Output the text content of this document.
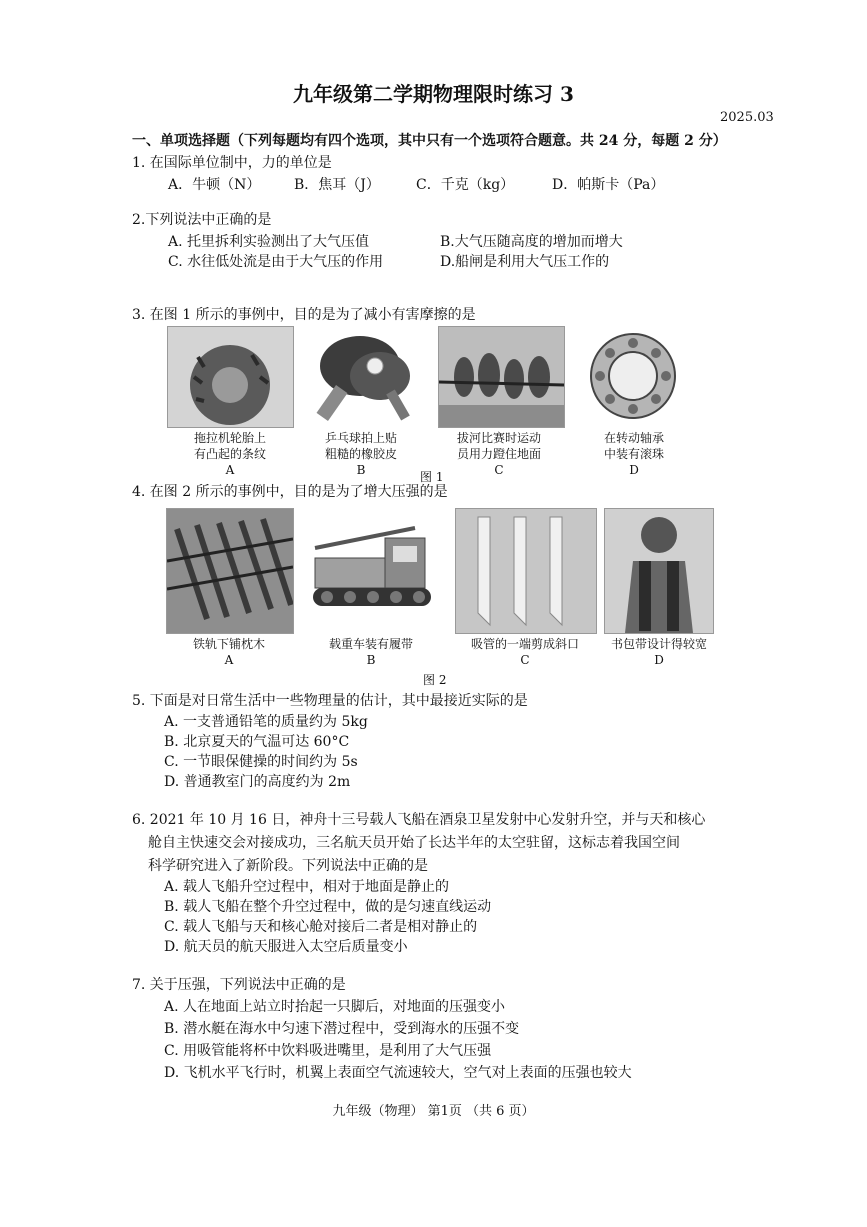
九年级第二学期物理限时练习 3
2025.03
一、单项选择题（下列每题均有四个选项，其中只有一个选项符合题意。共 24 分，每题 2 分）
1. 在国际单位制中，力的单位是
A．牛顿（N） B．焦耳（J）	C．千克（kg）	D．帕斯卡（Pa）
2.下列说法中正确的是
A. 托里拆利实验测出了大气压值	B.大气压随高度的增加而增大
C. 水往低处流是由于大气压的作用	D.船闸是利用大气压工作的
3. 在图 1 所示的事例中，目的是为了减小有害摩擦的是
拖拉机轮胎上
有凸起的条纹
A
乒乓球拍上贴
粗糙的橡胶皮
B
拔河比赛时运动
员用力蹬住地面
C
在转动轴承
中装有滚珠
D
图 1
4. 在图 2 所示的事例中，目的是为了增大压强的是
铁轨下铺枕木
A
载重车装有履带
B
吸管的一端剪成斜口
C
书包带设计得较宽
D
图 2
5. 下面是对日常生活中一些物理量的估计，其中最接近实际的是
A. 一支普通铅笔的质量约为 5kg
B. 北京夏天的气温可达 60°C
C. 一节眼保健操的时间约为 5s
D. 普通教室门的高度约为 2m
6. 2021 年 10 月 16 日，神舟十三号载人飞船在酒泉卫星发射中心发射升空，并与天和核心
舱自主快速交会对接成功，三名航天员开始了长达半年的太空驻留，这标志着我国空间
科学研究进入了新阶段。下列说法中正确的是
A. 载人飞船升空过程中，相对于地面是静止的
B. 载人飞船在整个升空过程中，做的是匀速直线运动
C. 载人飞船与天和核心舱对接后二者是相对静止的
D. 航天员的航天服进入太空后质量变小
7. 关于压强，下列说法中正确的是
A. 人在地面上站立时抬起一只脚后，对地面的压强变小
B. 潜水艇在海水中匀速下潜过程中，受到海水的压强不变
C. 用吸管能将杯中饮料吸进嘴里，是利用了大气压强
D. 飞机水平飞行时，机翼上表面空气流速较大，空气对上表面的压强也较大
九年级（物理） 第1页 （共 6 页）
